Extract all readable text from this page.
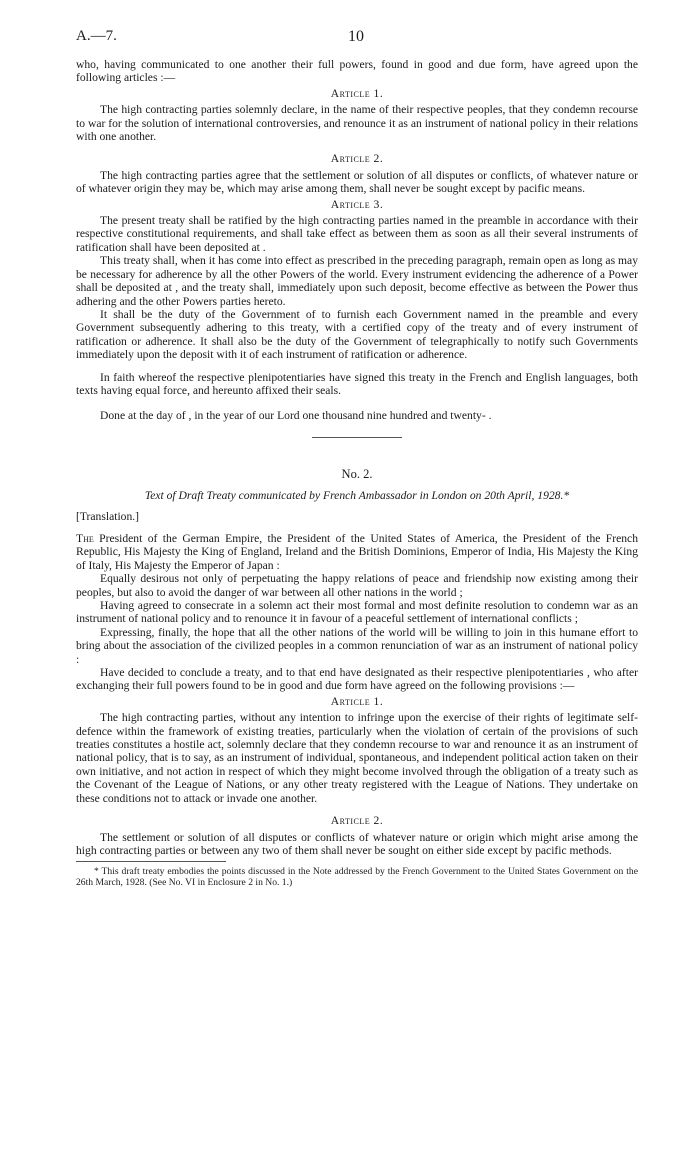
A.—7.	10

who, having communicated to one another their full powers, found in good and due form, have agreed upon the following articles :—

Article 1.

The high contracting parties solemnly declare, in the name of their respective peoples, that they condemn recourse to war for the solution of international controversies, and renounce it as an instrument of national policy in their relations with one another.

Article 2.

The high contracting parties agree that the settlement or solution of all disputes or conflicts, of whatever nature or of whatever origin they may be, which may arise among them, shall never be sought except by pacific means.

Article 3.

The present treaty shall be ratified by the high contracting parties named in the preamble in accordance with their respective constitutional requirements, and shall take effect as between them as soon as all their several instruments of ratification shall have been deposited at .

This treaty shall, when it has come into effect as prescribed in the preceding paragraph, remain open as long as may be necessary for adherence by all the other Powers of the world. Every instrument evidencing the adherence of a Power shall be deposited at , and the treaty shall, immediately upon such deposit, become effective as between the Power thus adhering and the other Powers parties hereto.

It shall be the duty of the Government of to furnish each Government named in the preamble and every Government subsequently adhering to this treaty, with a certified copy of the treaty and of every instrument of ratification or adherence. It shall also be the duty of the Government of telegraphically to notify such Governments immediately upon the deposit with it of each instrument of ratification or adherence.

In faith whereof the respective plenipotentiaries have signed this treaty in the French and English languages, both texts having equal force, and hereunto affixed their seals.

Done at the day of , in the year of our Lord one thousand nine hundred and twenty- .

No. 2.
Text of Draft Treaty communicated by French Ambassador in London on 20th April, 1928.*

[Translation.]

The President of the German Empire, the President of the United States of America, the President of the French Republic, His Majesty the King of England, Ireland and the British Dominions, Emperor of India, His Majesty the King of Italy, His Majesty the Emperor of Japan :

Equally desirous not only of perpetuating the happy relations of peace and friendship now existing among their peoples, but also to avoid the danger of war between all other nations in the world ;

Having agreed to consecrate in a solemn act their most formal and most definite resolution to condemn war as an instrument of national policy and to renounce it in favour of a peaceful settlement of international conflicts ;

Expressing, finally, the hope that all the other nations of the world will be willing to join in this humane effort to bring about the association of the civilized peoples in a common renunciation of war as an instrument of national policy :

Have decided to conclude a treaty, and to that end have designated as their respective plenipotentiaries , who after exchanging their full powers found to be in good and due form have agreed on the following provisions :—

Article 1.

The high contracting parties, without any intention to infringe upon the exercise of their rights of legitimate self-defence within the framework of existing treaties, particularly when the violation of certain of the provisions of such treaties constitutes a hostile act, solemnly declare that they condemn recourse to war and renounce it as an instrument of national policy, that is to say, as an instrument of individual, spontaneous, and independent political action taken on their own initiative, and not action in respect of which they might become involved through the obligation of a treaty such as the Covenant of the League of Nations, or any other treaty registered with the League of Nations. They undertake on these conditions not to attack or invade one another.

Article 2.

The settlement or solution of all disputes or conflicts of whatever nature or origin which might arise among the high contracting parties or between any two of them shall never be sought on either side except by pacific methods.

* This draft treaty embodies the points discussed in the Note addressed by the French Government to the United States Government on the 26th March, 1928. (See No. VI in Enclosure 2 in No. 1.)
